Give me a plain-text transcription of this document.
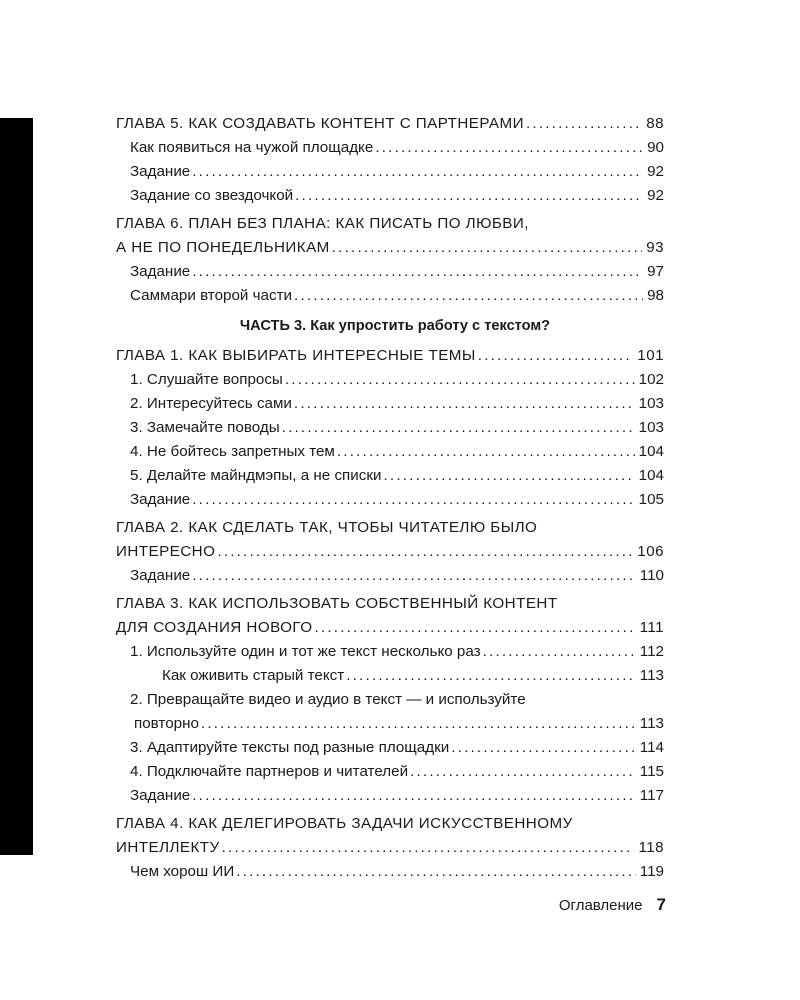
ГЛАВА 5. КАК СОЗДАВАТЬ КОНТЕНТ С ПАРТНЕРАМИ .....	88
Как появиться на чужой площадке .....	90
Задание .....	92
Задание со звездочкой .....	92
ГЛАВА 6. ПЛАН БЕЗ ПЛАНА: КАК ПИСАТЬ ПО ЛЮБВИ,
А НЕ ПО ПОНЕДЕЛЬНИКАМ .....	93
Задание .....	97
Саммари второй части .....	98
ЧАСТЬ 3. Как упростить работу с текстом?
ГЛАВА 1. КАК ВЫБИРАТЬ ИНТЕРЕСНЫЕ ТЕМЫ .....	101
1. Слушайте вопросы .....	102
2. Интересуйтесь сами .....	103
3. Замечайте поводы .....	103
4. Не бойтесь запретных тем .....	104
5. Делайте майндмэпы, а не списки .....	104
Задание .....	105
ГЛАВА 2. КАК СДЕЛАТЬ ТАК, ЧТОБЫ ЧИТАТЕЛЮ БЫЛО
ИНТЕРЕСНО .....	106
Задание .....	110
ГЛАВА 3. КАК ИСПОЛЬЗОВАТЬ СОБСТВЕННЫЙ КОНТЕНТ
ДЛЯ СОЗДАНИЯ НОВОГО .....	111
1. Используйте один и тот же текст несколько раз .....	112
Как оживить старый текст .....	113
2. Превращайте видео и аудио в текст — и используйте
повторно .....	113
3. Адаптируйте тексты под разные площадки .....	114
4. Подключайте партнеров и читателей .....	115
Задание .....	117
ГЛАВА 4. КАК ДЕЛЕГИРОВАТЬ ЗАДАЧИ ИСКУССТВЕННОМУ
ИНТЕЛЛЕКТУ .....	118
Чем хорош ИИ .....	119
Оглавление 7
